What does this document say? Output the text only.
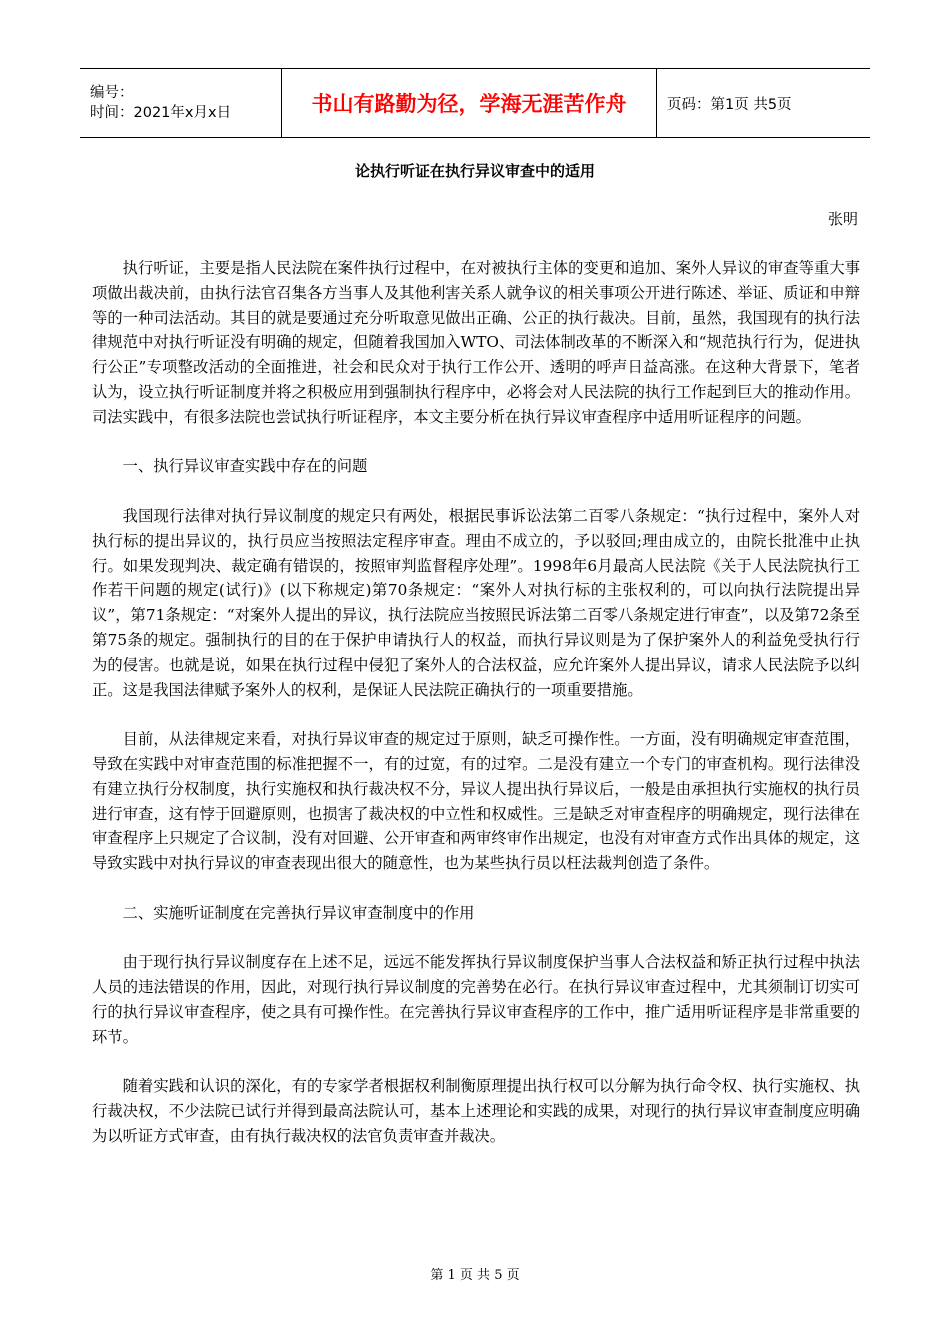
编号：
时间：2021年x月x日	书山有路勤为径，学海无涯苦作舟	页码：第1页 共5页
论执行听证在执行异议审查中的适用
张明

执行听证，主要是指人民法院在案件执行过程中，在对被执行主体的变更和追加、案外人异议的审查等重大事项做出裁决前，由执行法官召集各方当事人及其他利害关系人就争议的相关事项公开进行陈述、举证、质证和申辩等的一种司法活动。其目的就是要通过充分听取意见做出正确、公正的执行裁决。目前，虽然，我国现有的执行法律规范中对执行听证没有明确的规定，但随着我国加入WTO、司法体制改革的不断深入和“规范执行行为，促进执行公正”专项整改活动的全面推进，社会和民众对于执行工作公开、透明的呼声日益高涨。在这种大背景下，笔者认为，设立执行听证制度并将之积极应用到强制执行程序中，必将会对人民法院的执行工作起到巨大的推动作用。司法实践中，有很多法院也尝试执行听证程序，本文主要分析在执行异议审查程序中适用听证程序的问题。

一、执行异议审查实践中存在的问题

我国现行法律对执行异议制度的规定只有两处，根据民事诉讼法第二百零八条规定：“执行过程中，案外人对执行标的提出异议的，执行员应当按照法定程序审查。理由不成立的，予以驳回;理由成立的，由院长批准中止执行。如果发现判决、裁定确有错误的，按照审判监督程序处理”。1998年6月最高人民法院《关于人民法院执行工作若干问题的规定(试行)》(以下称规定)第70条规定：“案外人对执行标的主张权利的，可以向执行法院提出异议”，第71条规定：“对案外人提出的异议，执行法院应当按照民诉法第二百零八条规定进行审查”，以及第72条至第75条的规定。强制执行的目的在于保护申请执行人的权益，而执行异议则是为了保护案外人的利益免受执行行为的侵害。也就是说，如果在执行过程中侵犯了案外人的合法权益，应允许案外人提出异议，请求人民法院予以纠正。这是我国法律赋予案外人的权利，是保证人民法院正确执行的一项重要措施。

目前，从法律规定来看，对执行异议审查的规定过于原则，缺乏可操作性。一方面，没有明确规定审查范围，导致在实践中对审查范围的标准把握不一，有的过宽，有的过窄。二是没有建立一个专门的审查机构。现行法律没有建立执行分权制度，执行实施权和执行裁决权不分，异议人提出执行异议后，一般是由承担执行实施权的执行员进行审查，这有悖于回避原则，也损害了裁决权的中立性和权威性。三是缺乏对审查程序的明确规定，现行法律在审查程序上只规定了合议制，没有对回避、公开审查和两审终审作出规定，也没有对审查方式作出具体的规定，这导致实践中对执行异议的审查表现出很大的随意性，也为某些执行员以枉法裁判创造了条件。

二、实施听证制度在完善执行异议审查制度中的作用

由于现行执行异议制度存在上述不足，远远不能发挥执行异议制度保护当事人合法权益和矫正执行过程中执法人员的违法错误的作用，因此，对现行执行异议制度的完善势在必行。在执行异议审查过程中，尤其须制订切实可行的执行异议审查程序，使之具有可操作性。在完善执行异议审查程序的工作中，推广适用听证程序是非常重要的环节。

随着实践和认识的深化，有的专家学者根据权利制衡原理提出执行权可以分解为执行命令权、执行实施权、执行裁决权，不少法院已试行并得到最高法院认可，基本上述理论和实践的成果，对现行的执行异议审查制度应明确为以听证方式审查，由有执行裁决权的法官负责审查并裁决。

第 1 页 共 5 页
